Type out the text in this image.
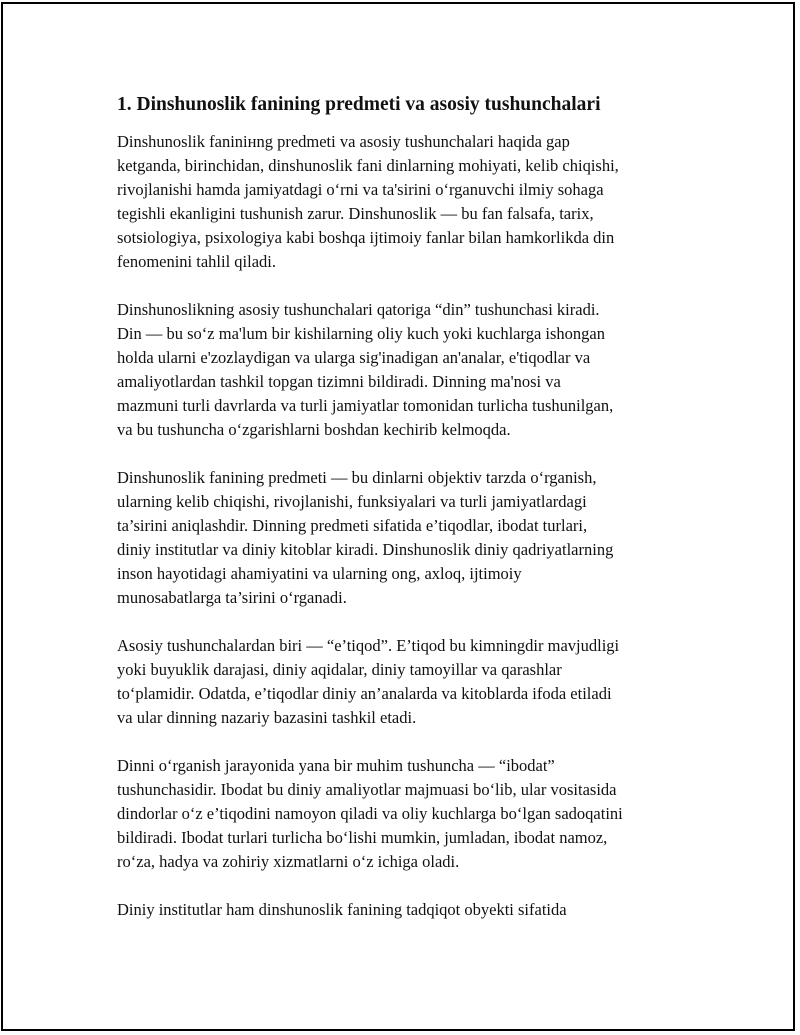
1. Dinshunoslik fanining predmeti va asosiy tushunchalari
Dinshunoslik faninінng predmeti va asosiy tushunchalari haqida gap
ketganda, birinchidan, dinshunoslik fani dinlarning mohiyati, kelib chiqishi,
rivojlanishi hamda jamiyatdagi o‘rni va ta'sirini o‘rganuvchi ilmiy sohaga
tegishli ekanligini tushunish zarur. Dinshunoslik — bu fan falsafa, tarix,
sotsiologiya, psixologiya kabi boshqa ijtimoiy fanlar bilan hamkorlikda din
fenomenini tahlil qiladi.
Dinshunoslikning asosiy tushunchalari qatoriga “din” tushunchasi kiradi.
Din — bu so‘z ma'lum bir kishilarning oliy kuch yoki kuchlarga ishongan
holda ularni e'zozlaydigan va ularga sig'inadigan an'analar, e'tiqodlar va
amaliyotlardan tashkil topgan tizimni bildiradi. Dinning ma'nosi va
mazmuni turli davrlarda va turli jamiyatlar tomonidan turlicha tushunilgan,
va bu tushuncha o‘zgarishlarni boshdan kechirib kelmoqda.
Dinshunoslik fanining predmeti — bu dinlarni objektiv tarzda o‘rganish,
ularning kelib chiqishi, rivojlanishi, funksiyalari va turli jamiyatlardagi
ta’sirini aniqlashdir. Dinning predmeti sifatida e’tiqodlar, ibodat turlari,
diniy institutlar va diniy kitoblar kiradi. Dinshunoslik diniy qadriyatlarning
inson hayotidagi ahamiyatini va ularning ong, axloq, ijtimoiy
munosabatlarga ta’sirini o‘rganadi.
Asosiy tushunchalardan biri — “e’tiqod”. E’tiqod bu kimningdir mavjudligi
yoki buyuklik darajasi, diniy aqidalar, diniy tamoyillar va qarashlar
to‘plamidir. Odatda, e’tiqodlar diniy an’analarda va kitoblarda ifoda etiladi
va ular dinning nazariy bazasini tashkil etadi.
Dinni o‘rganish jarayonida yana bir muhim tushuncha — “ibodat”
tushunchasidir. Ibodat bu diniy amaliyotlar majmuasi bo‘lib, ular vositasida
dindorlar o‘z e’tiqodini namoyon qiladi va oliy kuchlarga bo‘lgan sadoqatini
bildiradi. Ibodat turlari turlicha bo‘lishi mumkin, jumladan, ibodat namoz,
ro‘za, hadya va zohiriy xizmatlarni o‘z ichiga oladi.
Diniy institutlar ham dinshunoslik fanining tadqiqot obyekti sifatida
